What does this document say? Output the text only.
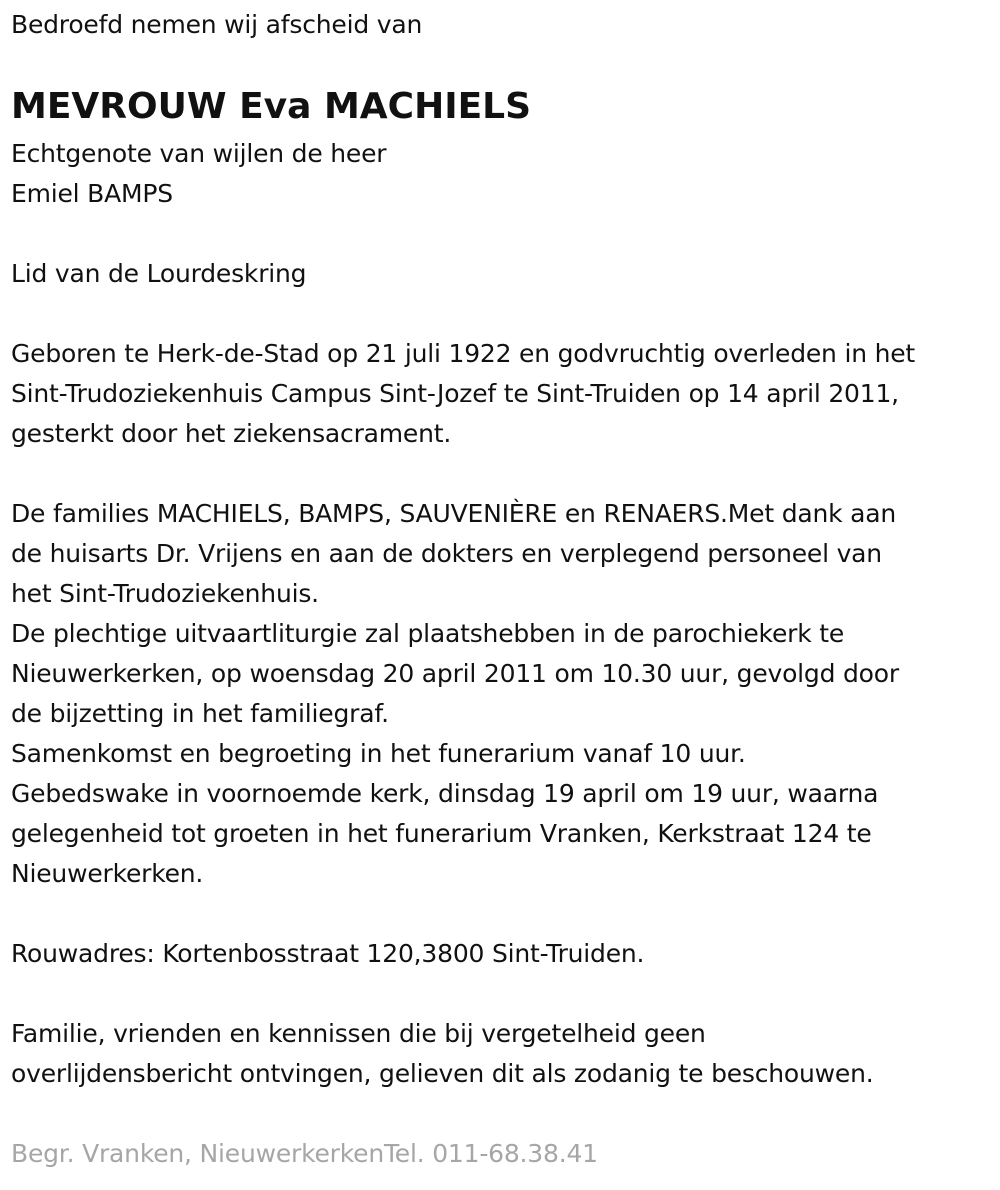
Bedroefd nemen wij afscheid van
MEVROUW Eva MACHIELS
Echtgenote van wijlen de heer
Emiel BAMPS
Lid van de Lourdeskring
Geboren te Herk-de-Stad op 21 juli 1922 en godvruchtig overleden in het
Sint-Trudoziekenhuis Campus Sint-Jozef te Sint-Truiden op 14 april 2011,
gesterkt door het ziekensacrament.
De families MACHIELS, BAMPS, SAUVENIÈRE en RENAERS.Met dank aan
de huisarts Dr. Vrijens en aan de dokters en verplegend personeel van
het Sint-Trudoziekenhuis.
De plechtige uitvaartliturgie zal plaatshebben in de parochiekerk te
Nieuwerkerken, op woensdag 20 april 2011 om 10.30 uur, gevolgd door
de bijzetting in het familiegraf.
Samenkomst en begroeting in het funerarium vanaf 10 uur.
Gebedswake in voornoemde kerk, dinsdag 19 april om 19 uur, waarna
gelegenheid tot groeten in het funerarium Vranken, Kerkstraat 124 te
Nieuwerkerken.
Rouwadres: Kortenbosstraat 120,3800 Sint-Truiden.
Familie, vrienden en kennissen die bij vergetelheid geen
overlijdensbericht ontvingen, gelieven dit als zodanig te beschouwen.
Begr. Vranken, NieuwerkerkenTel. 011-68.38.41
